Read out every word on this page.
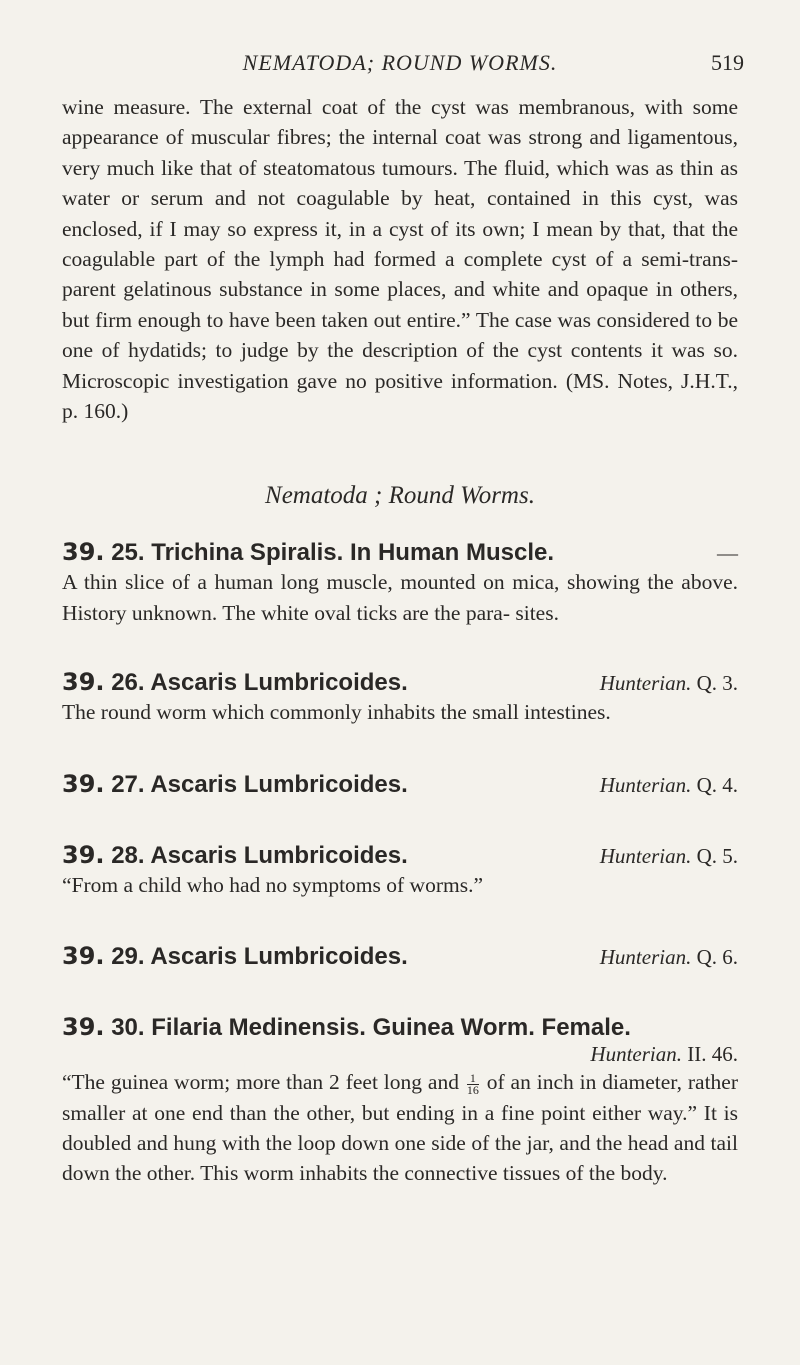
NEMATODA; ROUND WORMS.	519

wine measure. The external coat of the cyst was membranous, with some appearance of muscular fibres; the internal coat was strong and ligamentous, very much like that of steatomatous tumours. The fluid, which was as thin as water or serum and not coagulable by heat, contained in this cyst, was enclosed, if I may so express it, in a cyst of its own; I mean by that, that the coagulable part of the lymph had formed a complete cyst of a semi-trans- parent gelatinous substance in some places, and white and opaque in others, but firm enough to have been taken out entire.” The case was considered to be one of hydatids; to judge by the description of the cyst contents it was so. Microscopic investigation gave no positive information. (MS. Notes, J.H.T., p. 160.)

Nematoda ; Round Worms.
39. 25. Trichina Spiralis. In Human Muscle.	—

A thin slice of a human long muscle, mounted on mica, showing the above. History unknown. The white oval ticks are the para- sites.

39. 26. Ascaris Lumbricoides.	Hunterian. Q. 3.

The round worm which commonly inhabits the small intestines.

39. 27. Ascaris Lumbricoides.	Hunterian. Q. 4.
39. 28. Ascaris Lumbricoides.	Hunterian. Q. 5.

“From a child who had no symptoms of worms.”

39. 29. Ascaris Lumbricoides.	Hunterian. Q. 6.
39. 30. Filaria Medinensis. Guinea Worm. Female.
Hunterian. II. 46.

“The guinea worm; more than 2 feet long and $\frac{1}{16}$ of an inch in diameter, rather smaller at one end than the other, but ending in a fine point either way.” It is doubled and hung with the loop down one side of the jar, and the head and tail down the other. This worm inhabits the connective tissues of the body.
